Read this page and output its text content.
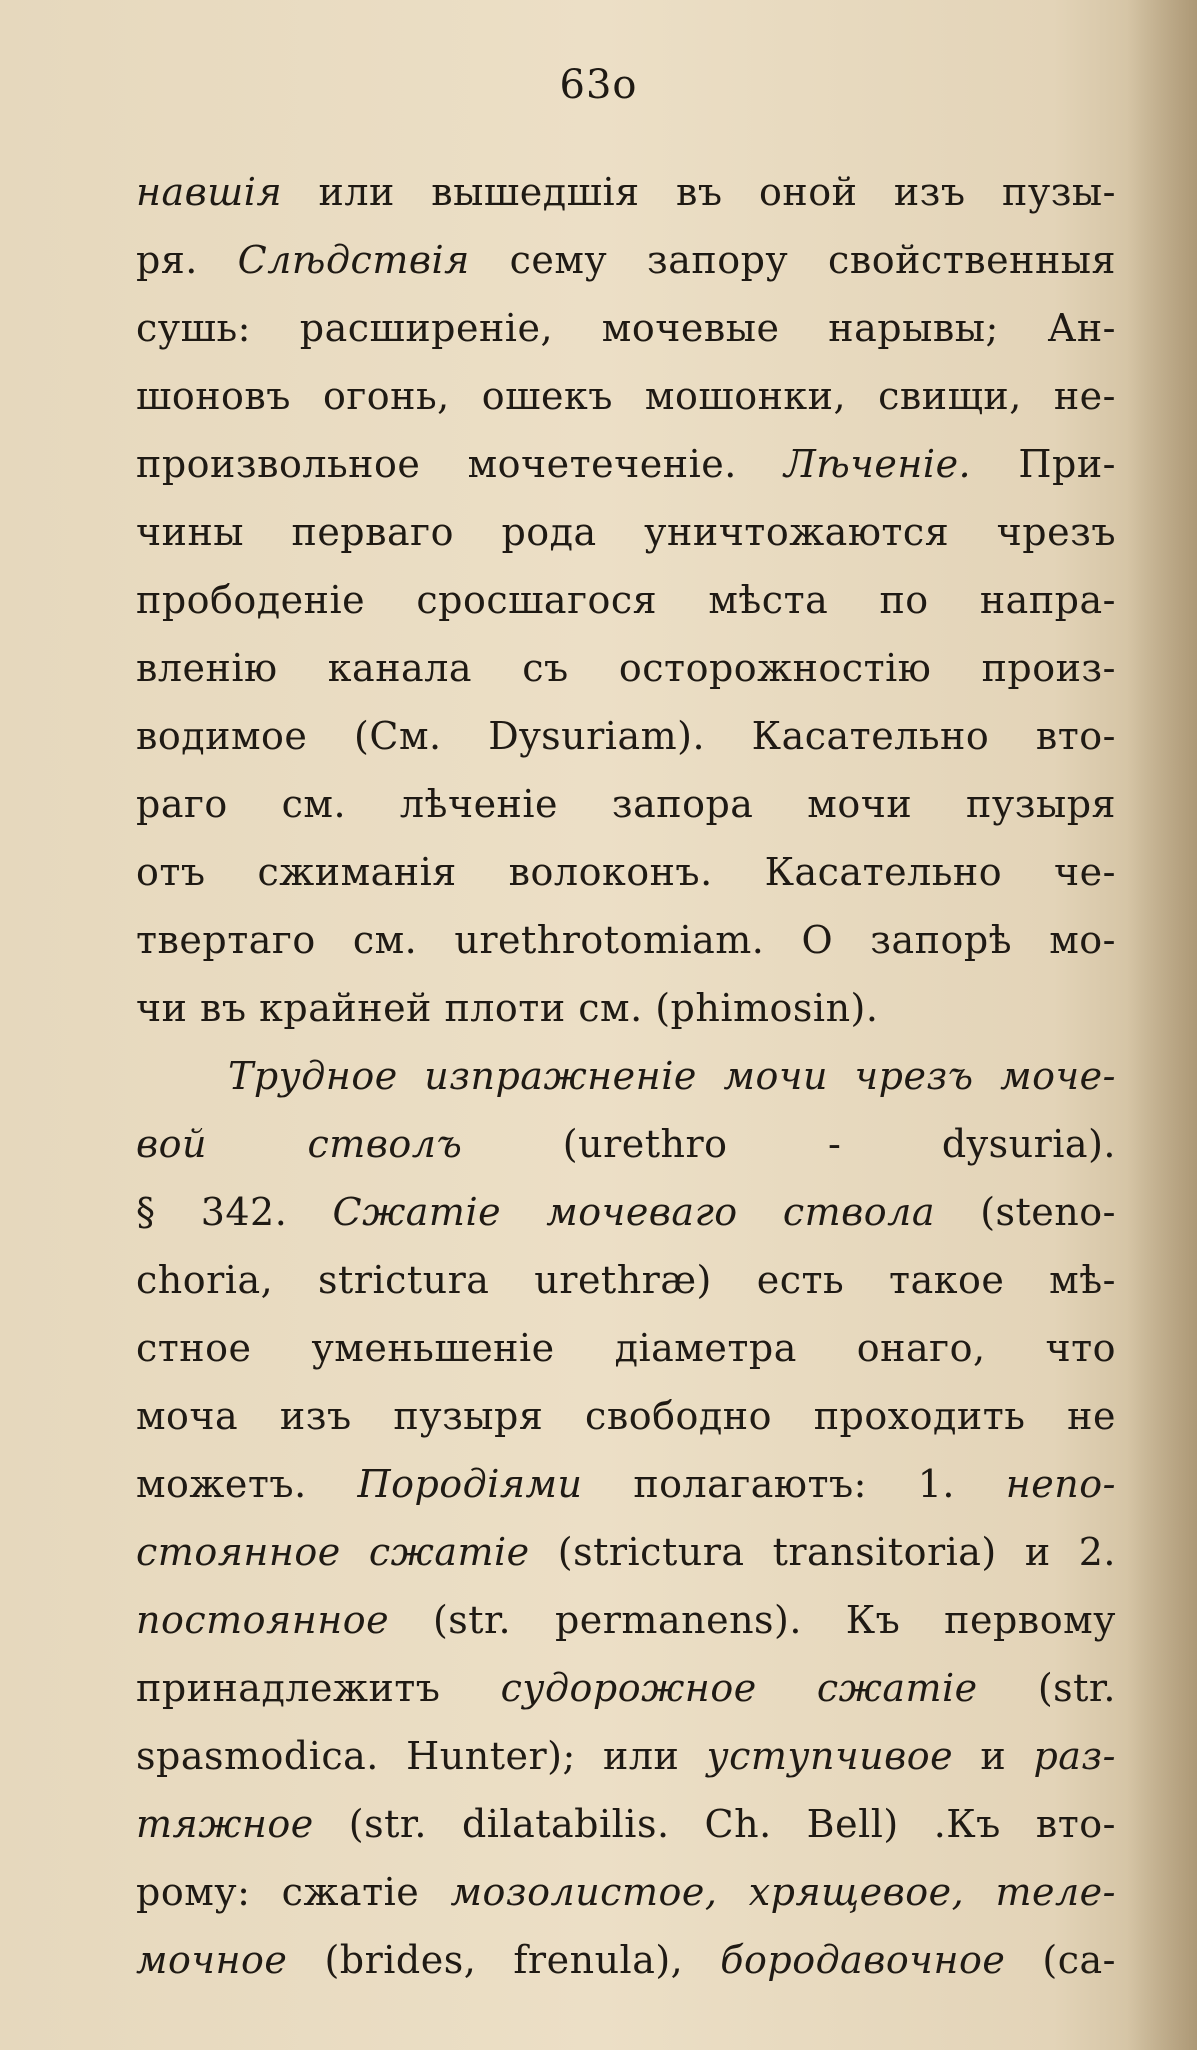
63о
навшія или вышедшія въ оной изъ пузы-
ря. Слѣдствія сему запору свойственныя
сушь: расширеніе, мочевые нарывы; Ан-
шоновъ огонь, ошекъ мошонки, свищи, не-
произвольное мочетеченіе. Лѣченіе. При-
чины перваго рода уничтожаются чрезъ
прободеніе сросшагося мѣста по напра-
вленію канала съ осторожностію произ-
водимое (См. Dysuriam). Касательно вто-
раго см. лѣченіе запора мочи пузыря
отъ сжиманія волоконъ. Касательно че-
твертаго см. urethrotomiam. О запорѣ мо-
чи въ крайней плоти см. (phimosin).
Трудное изпражненіе мочи чрезъ моче-
вой стволъ (urethro - dysuria).
§ 342. Сжатіе мочеваго ствола (steno-
choria, strictura urethræ) есть такое мѣ-
стное уменьшеніе діаметра онаго, что
моча изъ пузыря свободно проходить не
можетъ. Породіями полагаютъ: 1. непо-
стоянное сжатіе (strictura transitoria) и 2.
постоянное (str. permanens). Къ первому
принадлежитъ судорожное сжатіе (str.
spasmodica. Hunter); или уступчивое и раз-
тяжное (str. dilatabilis. Ch. Bell) .Къ вто-
рому: сжатіе мозолистое, хрящевое, теле-
мочное (brides, frenula), бородавочное (са-
